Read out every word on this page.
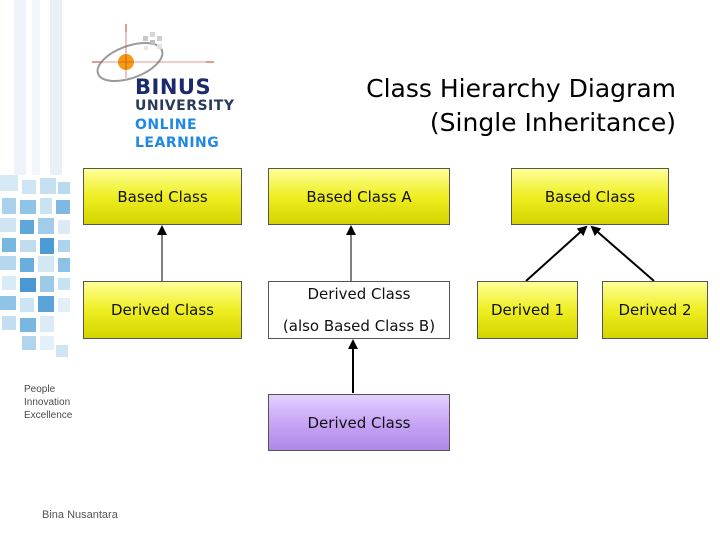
BINUS
UNIVERSITY
ONLINE
LEARNING
People
Innovation
Excellence
Class Hierarchy Diagram
(Single Inheritance)
Based Class
Derived Class
Based Class A
Derived Class
(also Based Class B)
Derived Class
Based Class
Derived 1	Derived 2
Bina Nusantara
